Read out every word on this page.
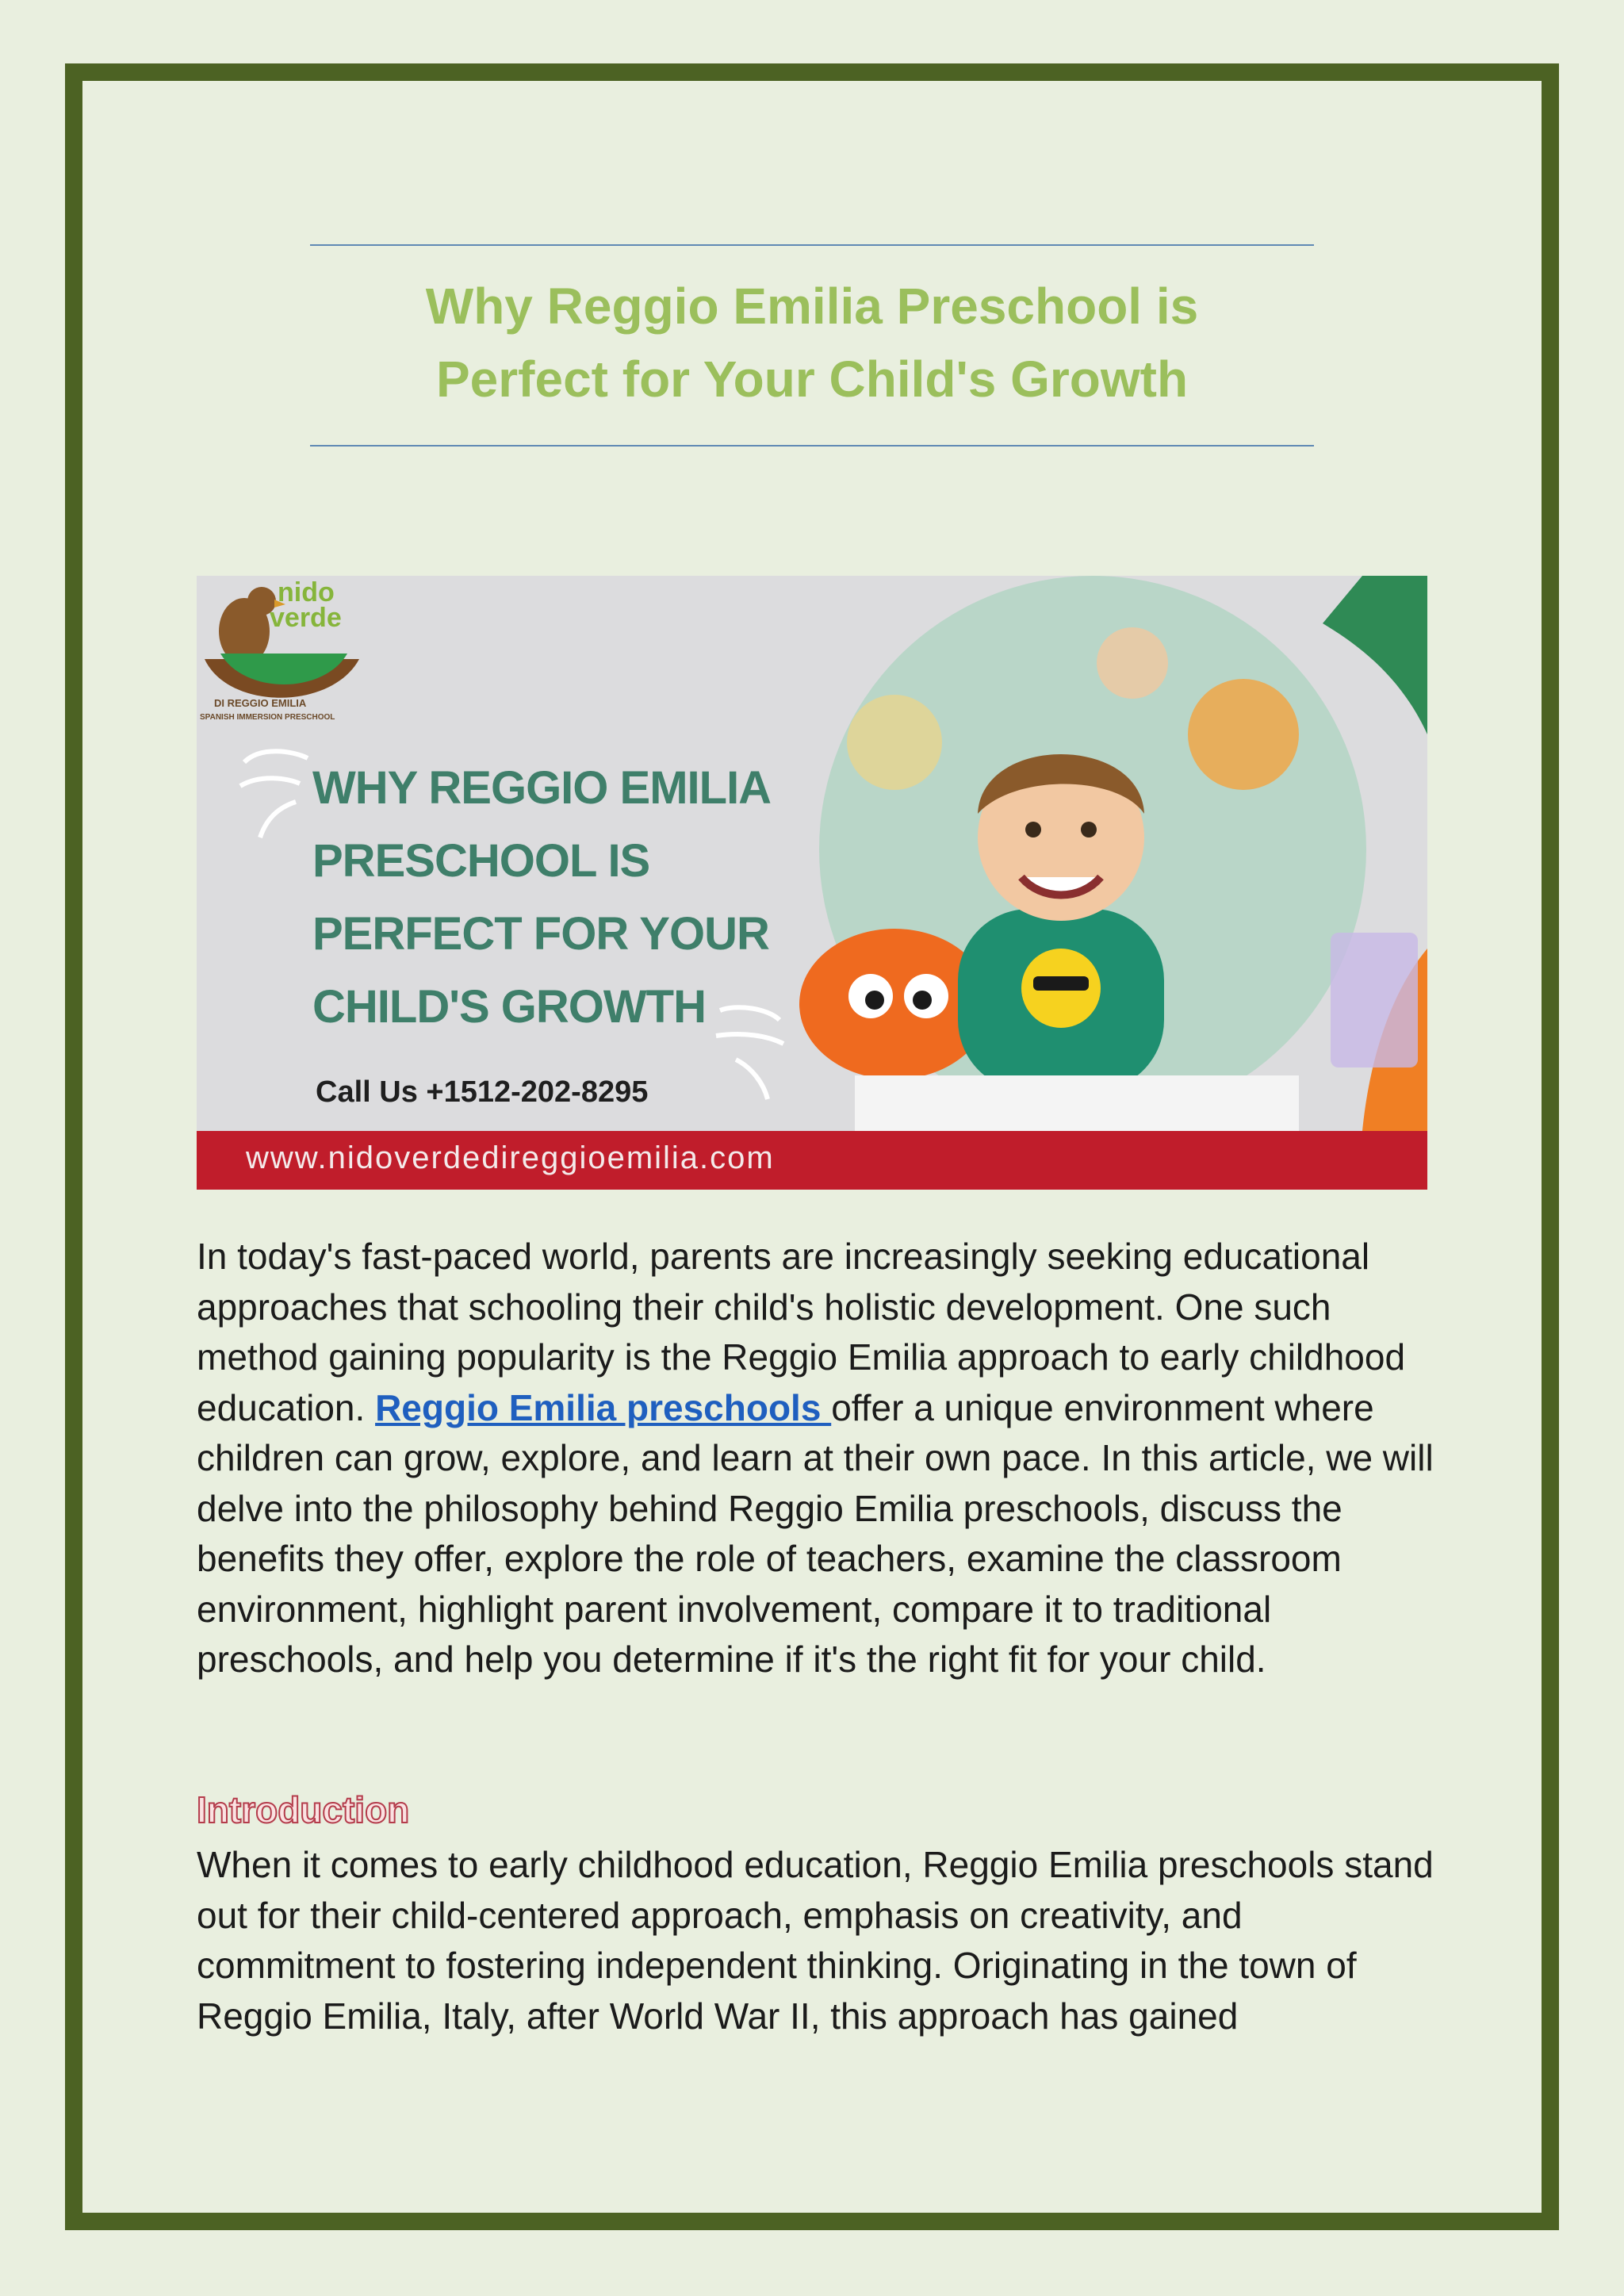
Why Reggio Emilia Preschool is
Perfect for Your Child's Growth
nido
verde
DI REGGIO EMILIA
SPANISH IMMERSION PRESCHOOL
WHY REGGIO EMILIA
PRESCHOOL IS
PERFECT FOR YOUR
CHILD'S GROWTH
Call Us +1512-202-8295
www.nidoverdedireggioemilia.com

In today's fast-paced world, parents are increasingly seeking educational approaches that schooling their child's holistic development. One such method gaining popularity is the Reggio Emilia approach to early childhood education. Reggio Emilia preschools offer a unique environment where children can grow, explore, and learn at their own pace. In this article, we will delve into the philosophy behind Reggio Emilia preschools, discuss the benefits they offer, explore the role of teachers, examine the classroom environment, highlight parent involvement, compare it to traditional preschools, and help you determine if it's the right fit for your child.

Introduction

When it comes to early childhood education, Reggio Emilia preschools stand out for their child-centered approach, emphasis on creativity, and commitment to fostering independent thinking. Originating in the town of Reggio Emilia, Italy, after World War II, this approach has gained
